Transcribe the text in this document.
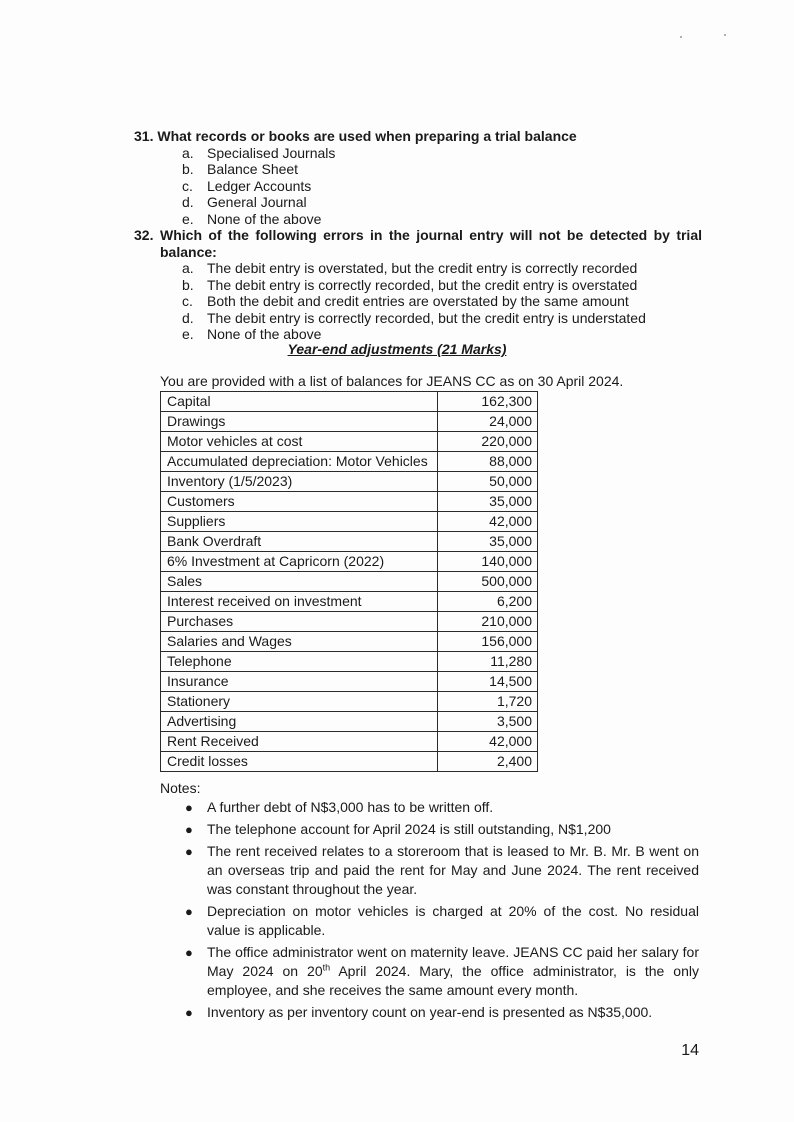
31. What records or books are used when preparing a trial balance
a. Specialised Journals
b. Balance Sheet
c.	Ledger Accounts
d. General Journal
e. None of the above
32. Which of the following errors in the journal entry will not be detected by trial balance:
a. The debit entry is overstated, but the credit entry is correctly recorded
b. The debit entry is correctly recorded, but the credit entry is overstated
c.	Both the debit and credit entries are overstated by the same amount
d. The debit entry is correctly recorded, but the credit entry is understated
e. None of the above
Year-end adjustments (21 Marks)
You are provided with a list of balances for JEANS CC as on 30 April 2024.
Capital	162,300
Drawings	24,000
Motor vehicles at cost	220,000
Accumulated depreciation: Motor Vehicles	88,000
Inventory (1/5/2023)	50,000
Customers	35,000
Suppliers	42,000
Bank Overdraft	35,000
6% Investment at Capricorn (2022)	140,000
Sales	500,000
Interest received on investment	6,200
Purchases	210,000
Salaries and Wages	156,000
Telephone	11,280
Insurance	14,500
Stationery	1,720
Advertising	3,500
Rent Received	42,000
Credit losses	2,400
Notes:
● A further debt of N$3,000 has to be written off.
● The telephone account for April 2024 is still outstanding, N$1,200
● The rent received relates to a storeroom that is leased to Mr. B. Mr. B went on an overseas trip and paid the rent for May and June 2024. The rent received was constant throughout the year.
● Depreciation on motor vehicles is charged at 20% of the cost. No residual value is applicable.
● The office administrator went on maternity leave. JEANS CC paid her salary for May 2024 on 20th April 2024. Mary, the office administrator, is the only employee, and she receives the same amount every month.
● Inventory as per inventory count on year-end is presented as N$35,000.
14
